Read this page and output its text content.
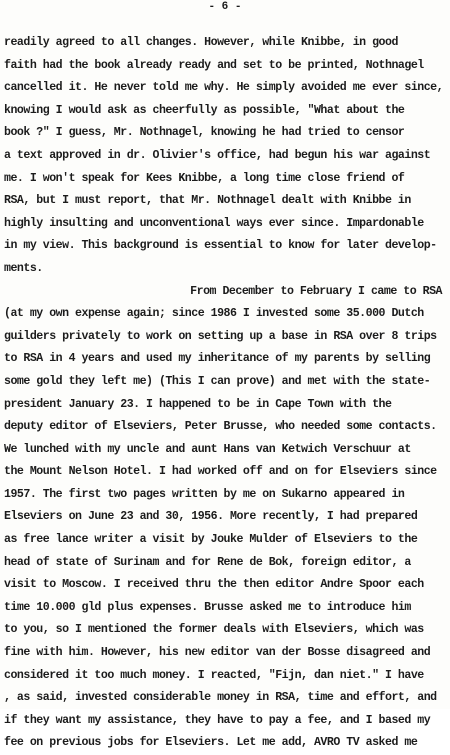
- 6 -
readily agreed to all changes. However, while Knibbe, in good
faith had the book already ready and set to be printed, Nothnagel
cancelled it. He never told me why. He simply avoided me ever since,
knowing I would ask as cheerfully as possible, "What about the
book ?" I guess, Mr. Nothnagel, knowing he had tried to censor
a text approved in dr. Olivier's office, had begun his war against
me. I won't speak for Kees Knibbe, a long time close friend of
RSA, but I must report, that Mr. Nothnagel dealt with Knibbe in
highly insulting and unconventional ways ever since. Impardonable
in my view. This background is essential to know for later develop-
ments.
From December to February I came to RSA
(at my own expense again; since 1986 I invested some 35.000 Dutch
guilders privately to work on setting up a base in RSA over 8 trips
to RSA in 4 years and used my inheritance of my parents by selling
some gold they left me) (This I can prove) and met with the state-
president January 23. I happened to be in Cape Town with the
deputy editor of Elseviers, Peter Brusse, who needed some contacts.
We lunched with my uncle and aunt Hans van Ketwich Verschuur at
the Mount Nelson Hotel. I had worked off and on for Elseviers since
1957. The first two pages written by me on Sukarno appeared in
Elseviers on June 23 and 30, 1956. More recently, I had prepared
as free lance writer a visit by Jouke Mulder of Elseviers to the
head of state of Surinam and for Rene de Bok, foreign editor, a
visit to Moscow. I received thru the then editor Andre Spoor each
time 10.000 gld plus expenses. Brusse asked me to introduce him
to you, so I mentioned the former deals with Elseviers, which was
fine with him. However, his new editor van der Bosse disagreed and
considered it too much money. I reacted, "Fijn, dan niet." I have
, as said, invested considerable money in RSA, time and effort, and
if they want my assistance, they have to pay a fee, and I based my
fee on previous jobs for Elseviers. Let me add, AVRO TV asked me
